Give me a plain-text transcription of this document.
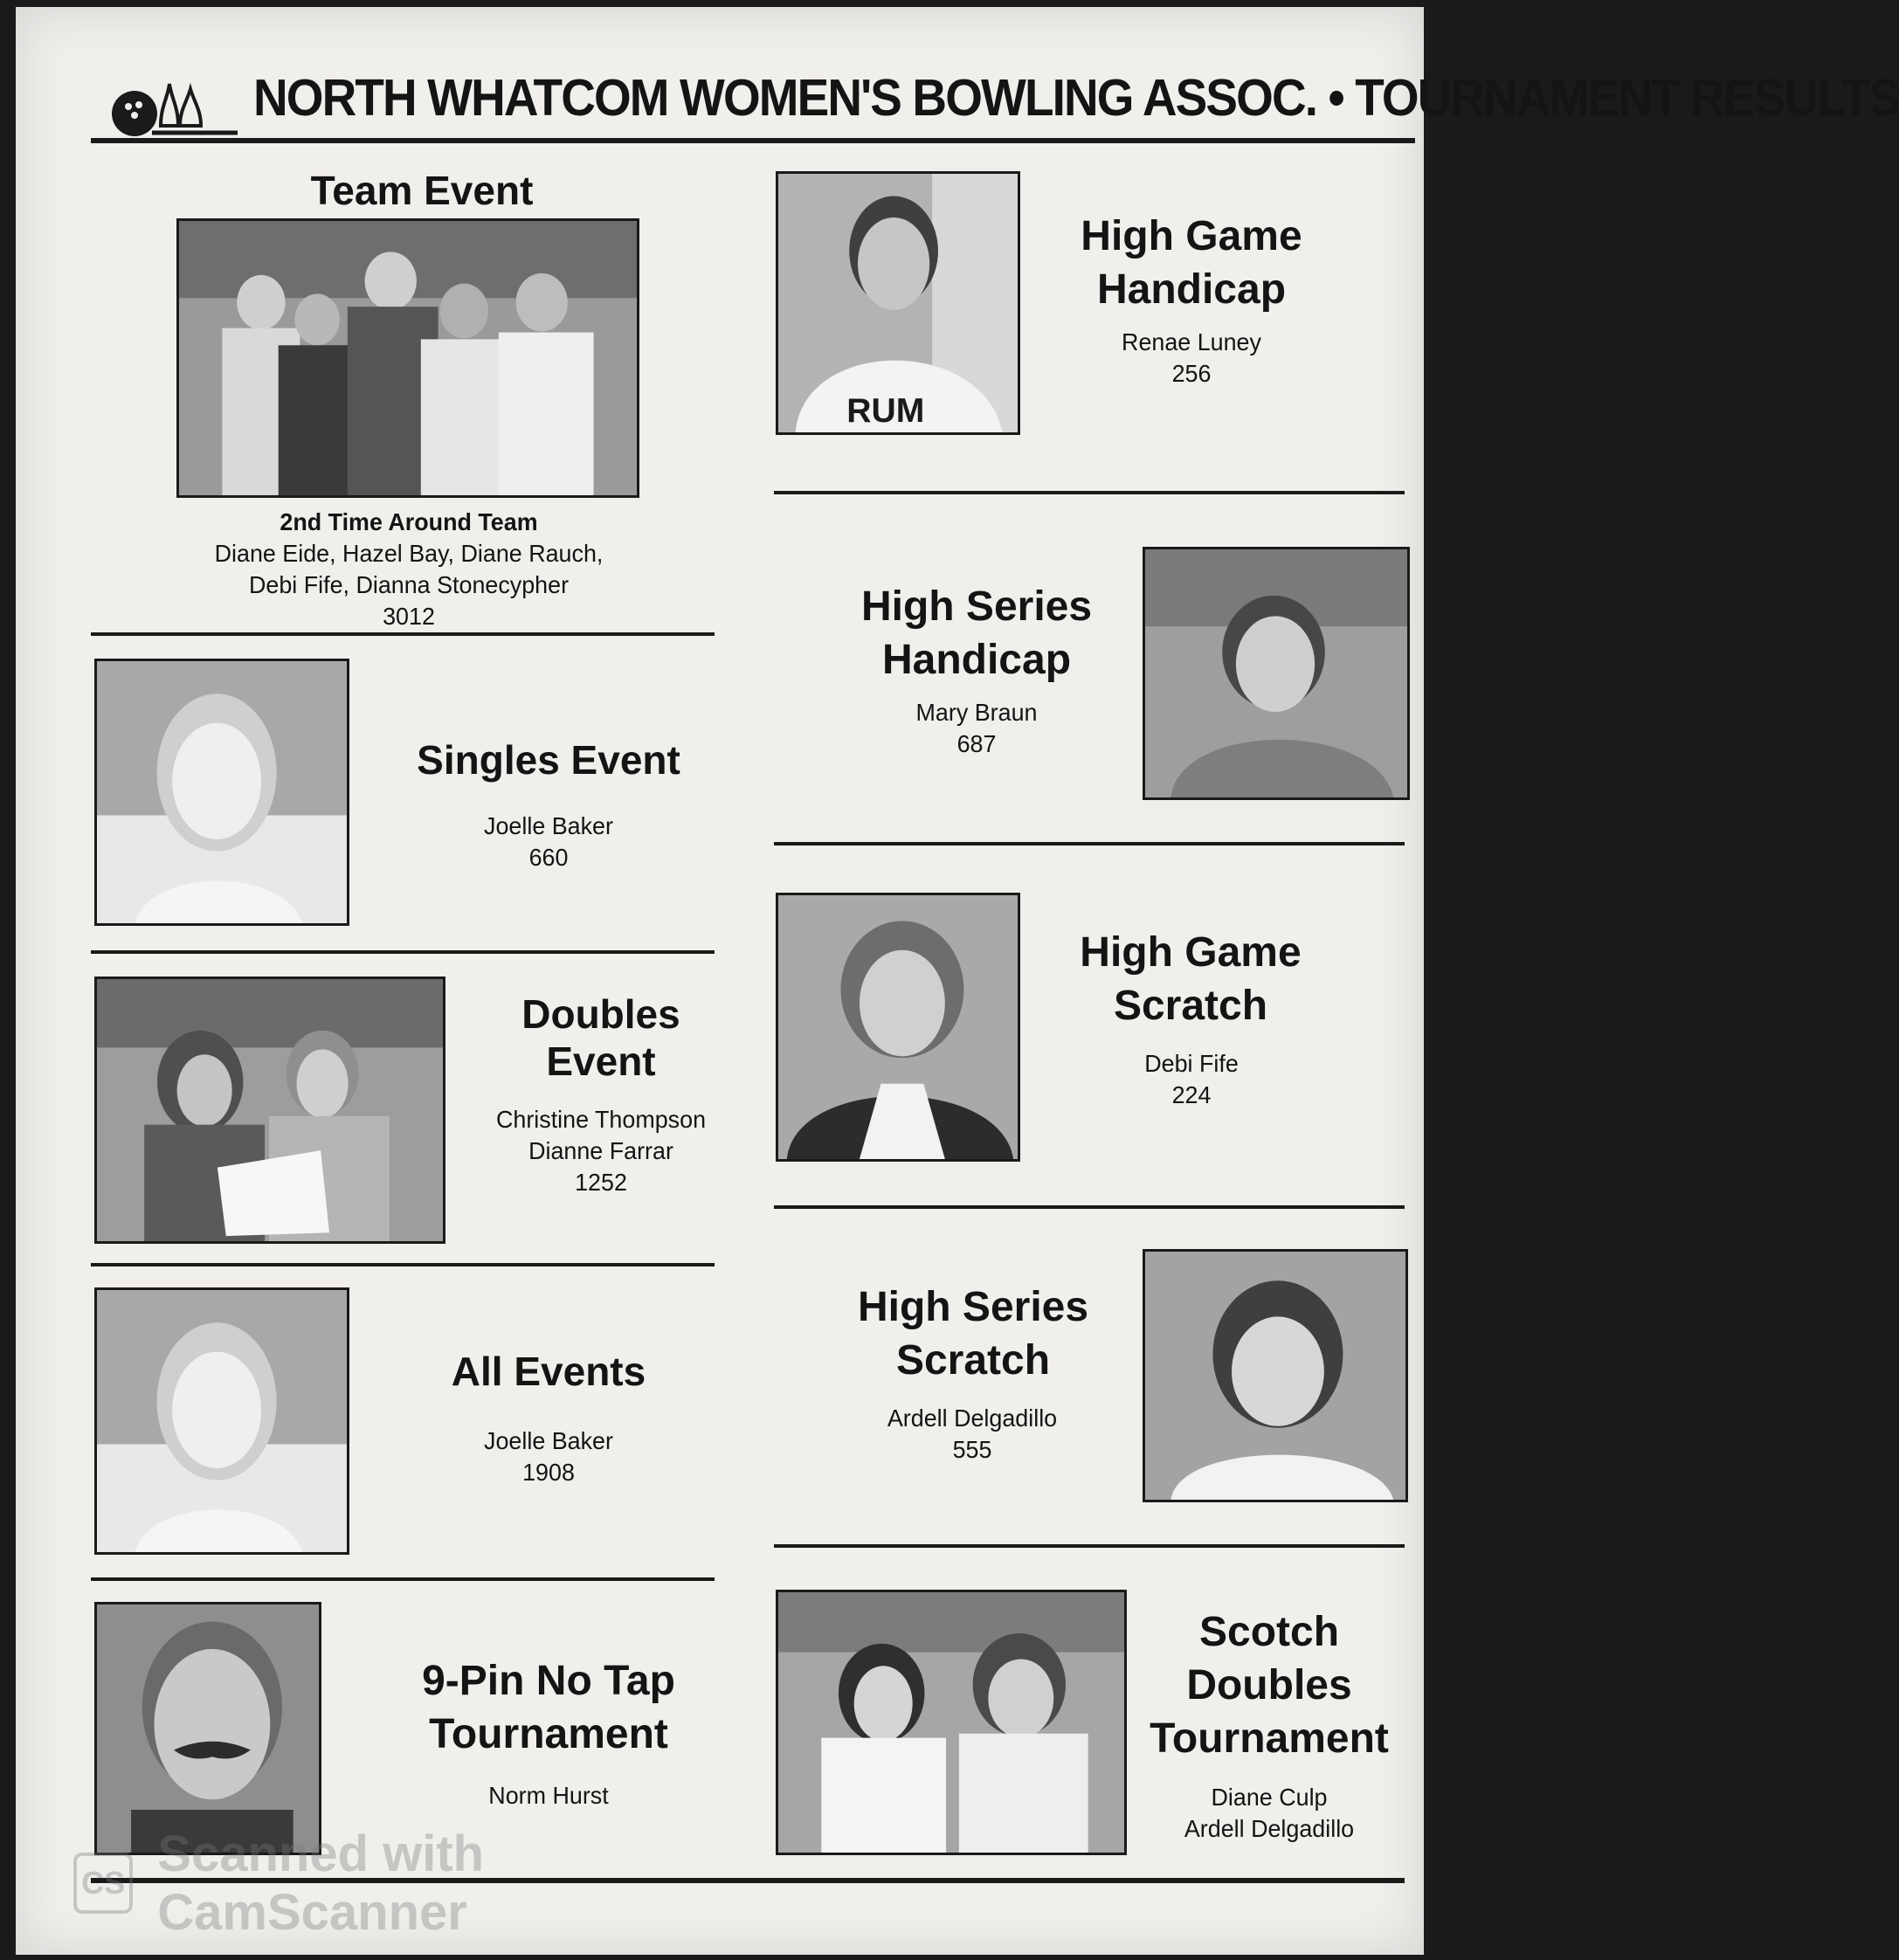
NORTH WHATCOM WOMEN'S BOWLING ASSOC. • TOURNAMENT RESULTS
Team Event
2nd Time Around Team
Diane Eide, Hazel Bay, Diane Rauch,
Debi Fife, Dianna Stonecypher
3012
Singles Event
Joelle Baker
660
Doubles
Event
Christine Thompson
Dianne Farrar
1252
All Events
Joelle Baker
1908
9-Pin No Tap
Tournament
Norm Hurst
RUM
High Game
Handicap
Renae Luney
256
High Series
Handicap
Mary Braun
687
High Game
Scratch
Debi Fife
224
High Series
Scratch
Ardell Delgadillo
555
Scotch
Doubles
Tournament
Diane Culp
Ardell Delgadillo
CS
Scanned with CamScanner
